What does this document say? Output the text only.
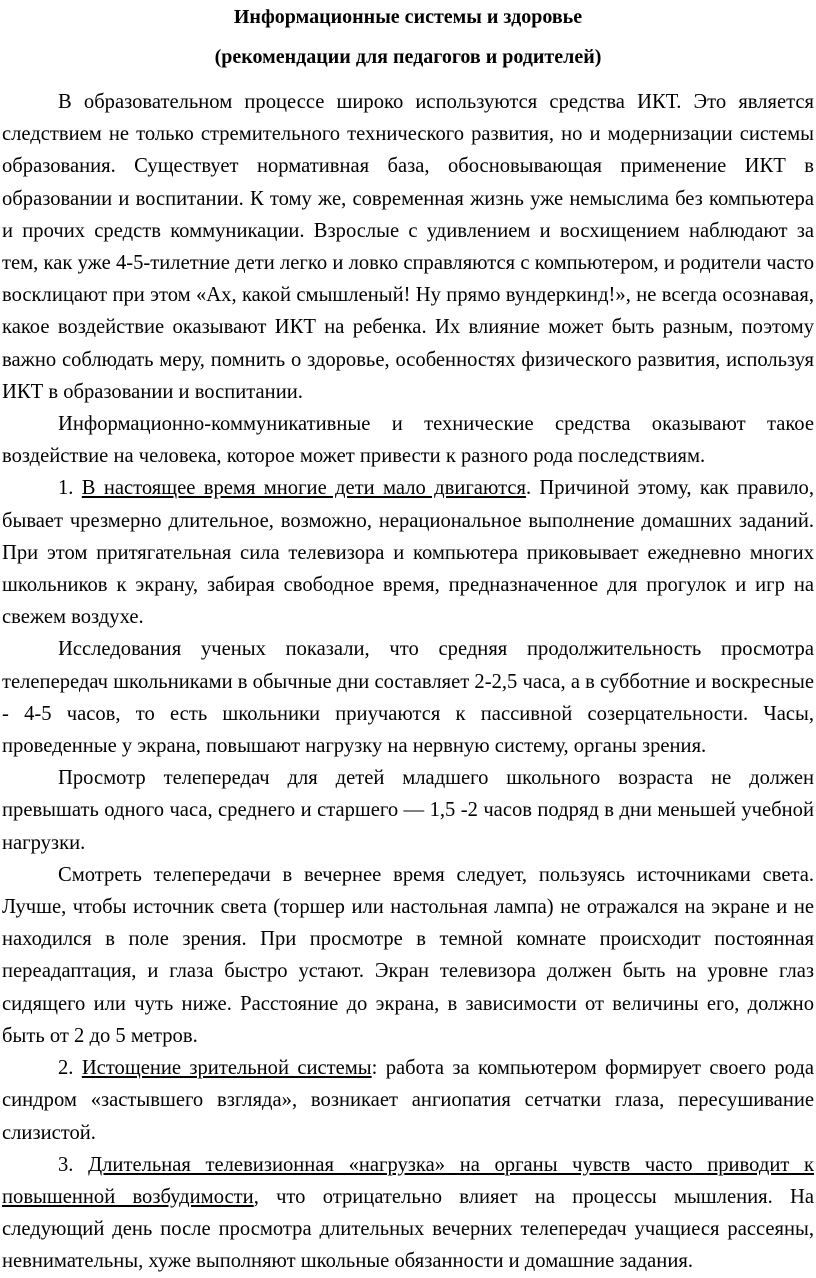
Информационные системы и здоровье

(рекомендации для педагогов и родителей)

В образовательном процессе широко используются средства ИКТ. Это является следствием не только стремительного технического развития, но и модернизации системы образования. Существует нормативная база, обосновывающая применение ИКТ в образовании и воспитании. К тому же, современная жизнь уже немыслима без компьютера и прочих средств коммуникации. Взрослые с удивлением и восхищением наблюдают за тем, как уже 4-5-тилетние дети легко и ловко справляются с компьютером, и родители часто восклицают при этом «Ах, какой смышленый! Ну прямо вундеркинд!», не всегда осознавая, какое воздействие оказывают ИКТ на ребенка. Их влияние может быть разным, поэтому важно соблюдать меру, помнить о здоровье, особенностях физического развития, используя ИКТ в образовании и воспитании.

Информационно-коммуникативные и технические средства оказывают такое воздействие на человека, которое может привести к разного рода последствиям.

1. В настоящее время многие дети мало двигаются. Причиной этому, как правило, бывает чрезмерно длительное, возможно, нерациональное выполнение домашних заданий. При этом притягательная сила телевизора и компьютера приковывает ежедневно многих школьников к экрану, забирая свободное время, предназначенное для прогулок и игр на свежем воздухе.

Исследования ученых показали, что средняя продолжительность просмотра телепередач школьниками в обычные дни составляет 2-2,5 часа, а в субботние и воскресные - 4-5 часов, то есть школьники приучаются к пассивной созерцательности. Часы, проведенные у экрана, повышают нагрузку на нервную систему, органы зрения.

Просмотр телепередач для детей младшего школьного возраста не должен превышать одного часа, среднего и старшего — 1,5 -2 часов подряд в дни меньшей учебной нагрузки.

Смотреть телепередачи в вечернее время следует, пользуясь источниками света. Лучше, чтобы источник света (торшер или настольная лампа) не отражался на экране и не находился в поле зрения. При просмотре в темной комнате происходит постоянная переадаптация, и глаза быстро устают. Экран телевизора должен быть на уровне глаз сидящего или чуть ниже. Расстояние до экрана, в зависимости от величины его, должно быть от 2 до 5 метров.

2. Истощение зрительной системы: работа за компьютером формирует своего рода синдром «застывшего взгляда», возникает ангиопатия сетчатки глаза, пересушивание слизистой.

3. Длительная телевизионная «нагрузка» на органы чувств часто приводит к повышенной возбудимости, что отрицательно влияет на процессы мышления. На следующий день после просмотра длительных вечерних телепередач учащиеся рассеяны, невнимательны, хуже выполняют школьные обязанности и домашние задания.
